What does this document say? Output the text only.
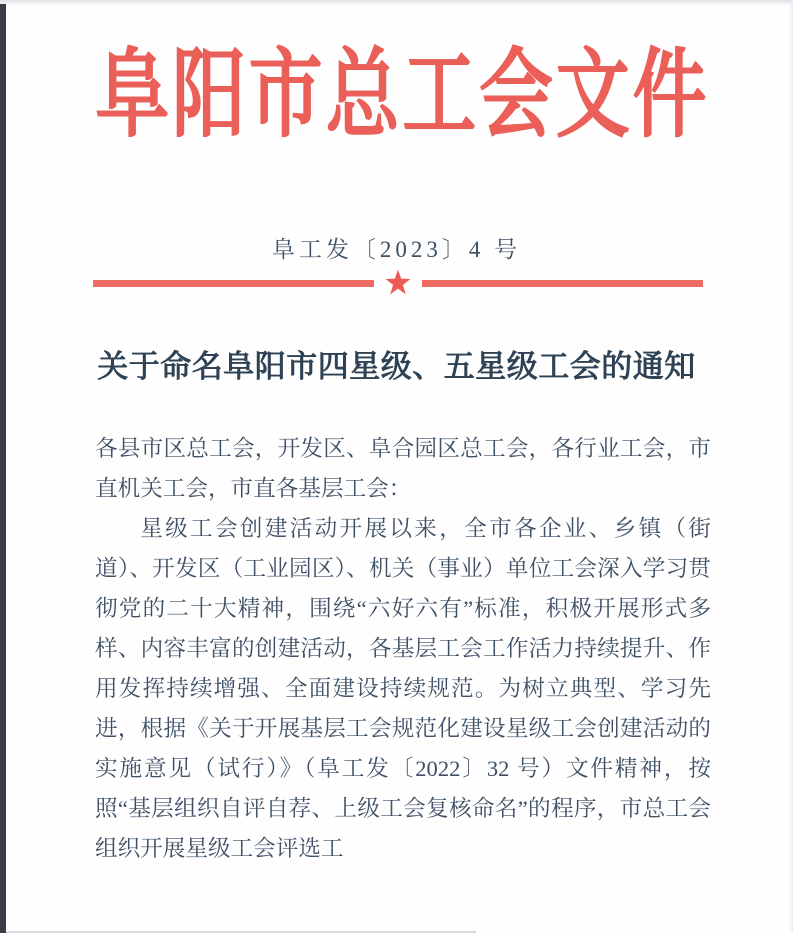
阜阳市总工会文件
阜工发〔2023〕4 号
关于命名阜阳市四星级、五星级工会的通知

各县市区总工会，开发区、阜合园区总工会，各行业工会，市直机关工会，市直各基层工会：

星级工会创建活动开展以来，全市各企业、乡镇（街道）、开发区（工业园区）、机关（事业）单位工会深入学习贯彻党的二十大精神，围绕“六好六有”标准，积极开展形式多样、内容丰富的创建活动，各基层工会工作活力持续提升、作用发挥持续增强、全面建设持续规范。为树立典型、学习先进，根据《关于开展基层工会规范化建设星级工会创建活动的实施意见（试行）》（阜工发〔2022〕32 号）文件精神，按照“基层组织自评自荐、上级工会复核命名”的程序，市总工会组织开展星级工会评选工
